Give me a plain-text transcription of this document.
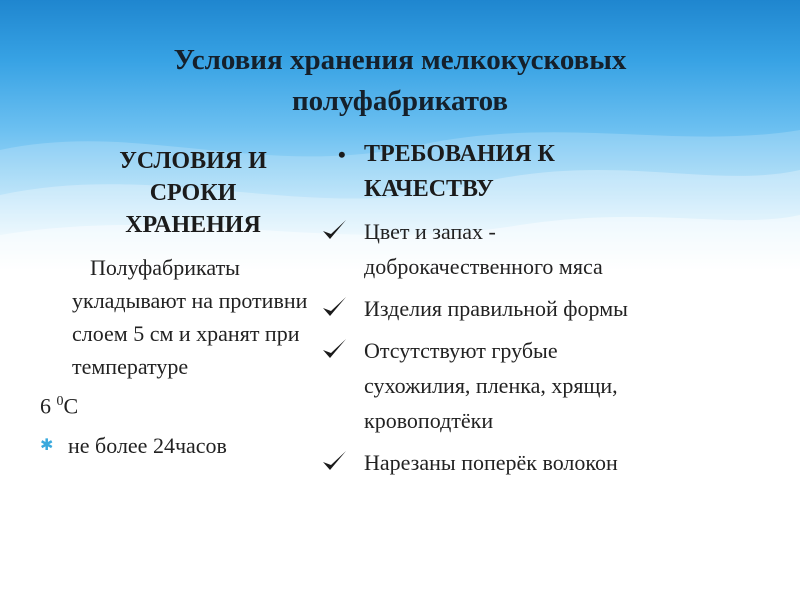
Условия хранения мелкокусковых
полуфабрикатов
УСЛОВИЯ И
СРОКИ
ХРАНЕНИЯ
Полуфабрикаты укладывают на противни слоем 5 см и хранят при температуре
6 $^0$С
✱ не более 24часов
• ТРЕБОВАНИЯ К
КАЧЕСТВУ
Цвет и запах -
доброкачественного мяса
Изделия правильной формы
Отсутствуют грубые
сухожилия, пленка, хрящи,
кровоподтёки
Нарезаны поперёк волокон
